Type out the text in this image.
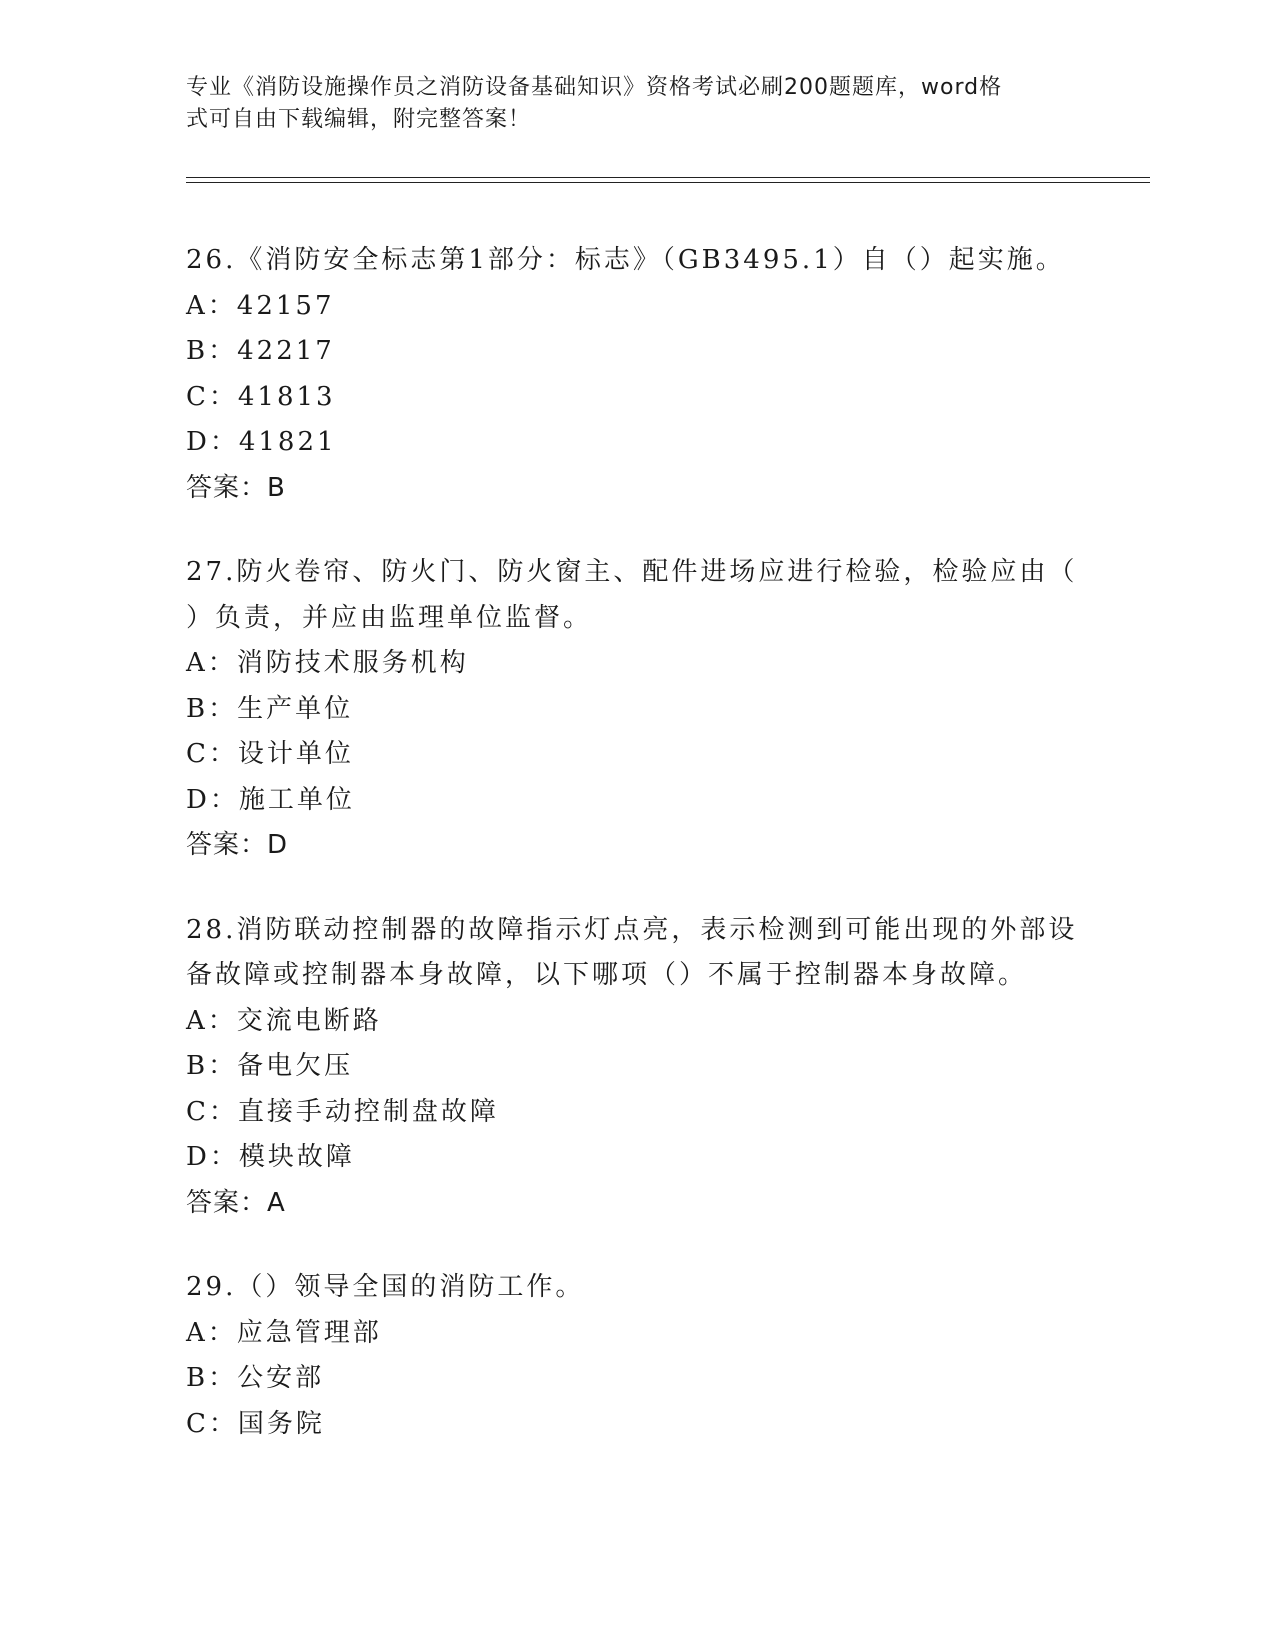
专业《消防设施操作员之消防设备基础知识》资格考试必刷200题题库，word格
式可自由下载编辑，附完整答案！
26.《消防安全标志第1部分：标志》（GB3495.1）自（）起实施。
A：42157
B：42217
C：41813
D：41821
答案：B
27.防火卷帘、防火门、防火窗主、配件进场应进行检验，检验应由（
）负责，并应由监理单位监督。
A：消防技术服务机构
B：生产单位
C：设计单位
D：施工单位
答案：D
28.消防联动控制器的故障指示灯点亮，表示检测到可能出现的外部设
备故障或控制器本身故障，以下哪项（）不属于控制器本身故障。
A：交流电断路
B：备电欠压
C：直接手动控制盘故障
D：模块故障
答案：A
29.（）领导全国的消防工作。
A：应急管理部
B：公安部
C：国务院
